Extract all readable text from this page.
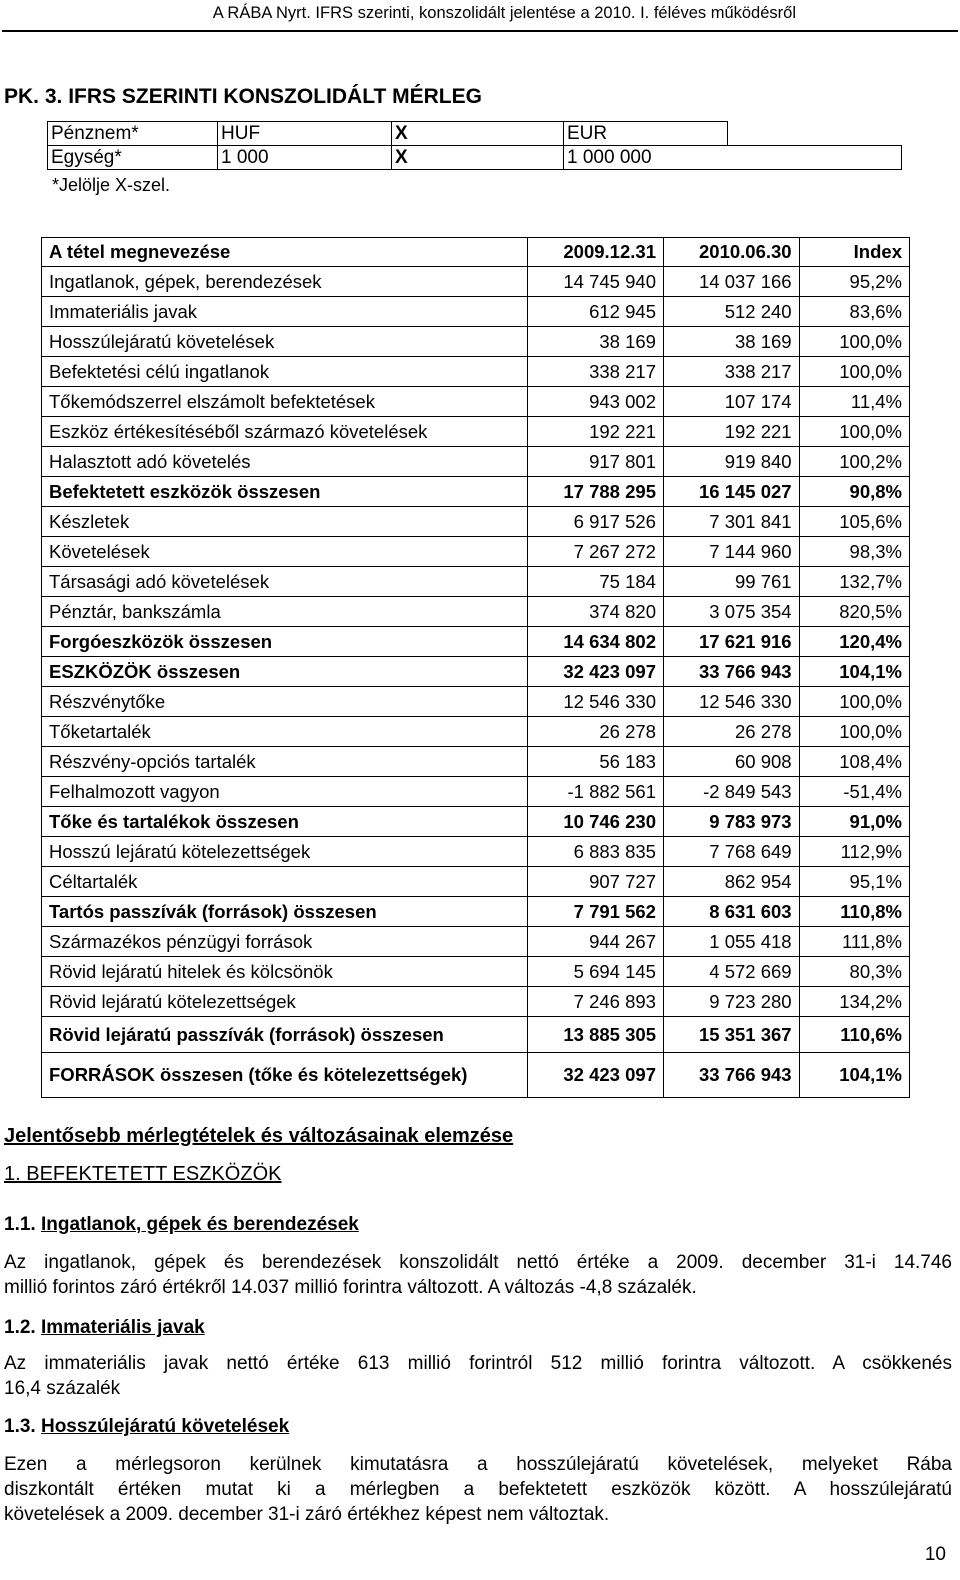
A RÁBA Nyrt. IFRS szerinti, konszolidált jelentése a 2010. I. féléves működésről
PK. 3. IFRS SZERINTI KONSZOLIDÁLT MÉRLEG
Pénznem*	HUF	X	EUR	
Egység*	1 000	X	1 000 000	
*Jelölje X-szel.
A tétel megnevezése	2009.12.31	2010.06.30	Index
Ingatlanok, gépek, berendezések	14 745 940	14 037 166	95,2%
Immateriális javak	612 945	512 240	83,6%
Hosszúlejáratú követelések	38 169	38 169	100,0%
Befektetési célú ingatlanok	338 217	338 217	100,0%
Tőkemódszerrel elszámolt befektetések	943 002	107 174	11,4%
Eszköz értékesítéséből származó követelések	192 221	192 221	100,0%
Halasztott adó követelés	917 801	919 840	100,2%
Befektetett eszközök összesen	17 788 295	16 145 027	90,8%
Készletek	6 917 526	7 301 841	105,6%
Követelések	7 267 272	7 144 960	98,3%
Társasági adó követelések	75 184	99 761	132,7%
Pénztár, bankszámla	374 820	3 075 354	820,5%
Forgóeszközök összesen	14 634 802	17 621 916	120,4%
ESZKÖZÖK összesen	32 423 097	33 766 943	104,1%
Részvénytőke	12 546 330	12 546 330	100,0%
Tőketartalék	26 278	26 278	100,0%
Részvény-opciós tartalék	56 183	60 908	108,4%
Felhalmozott vagyon	-1 882 561	-2 849 543	-51,4%
Tőke és tartalékok összesen	10 746 230	9 783 973	91,0%
Hosszú lejáratú kötelezettségek	6 883 835	7 768 649	112,9%
Céltartalék	907 727	862 954	95,1%
Tartós passzívák (források) összesen	7 791 562	8 631 603	110,8%
Származékos pénzügyi források	944 267	1 055 418	111,8%
Rövid lejáratú hitelek és kölcsönök	5 694 145	4 572 669	80,3%
Rövid lejáratú kötelezettségek	7 246 893	9 723 280	134,2%
Rövid lejáratú passzívák (források) összesen	13 885 305	15 351 367	110,6%
FORRÁSOK összesen (tőke és kötelezettségek)	32 423 097	33 766 943	104,1%
Jelentősebb mérlegtételek és változásainak elemzése
1. BEFEKTETETT ESZKÖZÖK
1.1. Ingatlanok, gépek és berendezések
Az ingatlanok, gépek és berendezések konszolidált nettó értéke a 2009. december 31-i 14.746
millió forintos záró értékről 14.037 millió forintra változott. A változás -4,8 százalék.
1.2. Immateriális javak
Az immateriális javak nettó értéke 613 millió forintról 512 millió forintra változott. A csökkenés
16,4 százalék
1.3. Hosszúlejáratú követelések
Ezen a mérlegsoron kerülnek kimutatásra a hosszúlejáratú követelések, melyeket Rába
diszkontált értéken mutat ki a mérlegben a befektetett eszközök között. A hosszúlejáratú
követelések a 2009. december 31-i záró értékhez képest nem változtak.
10
